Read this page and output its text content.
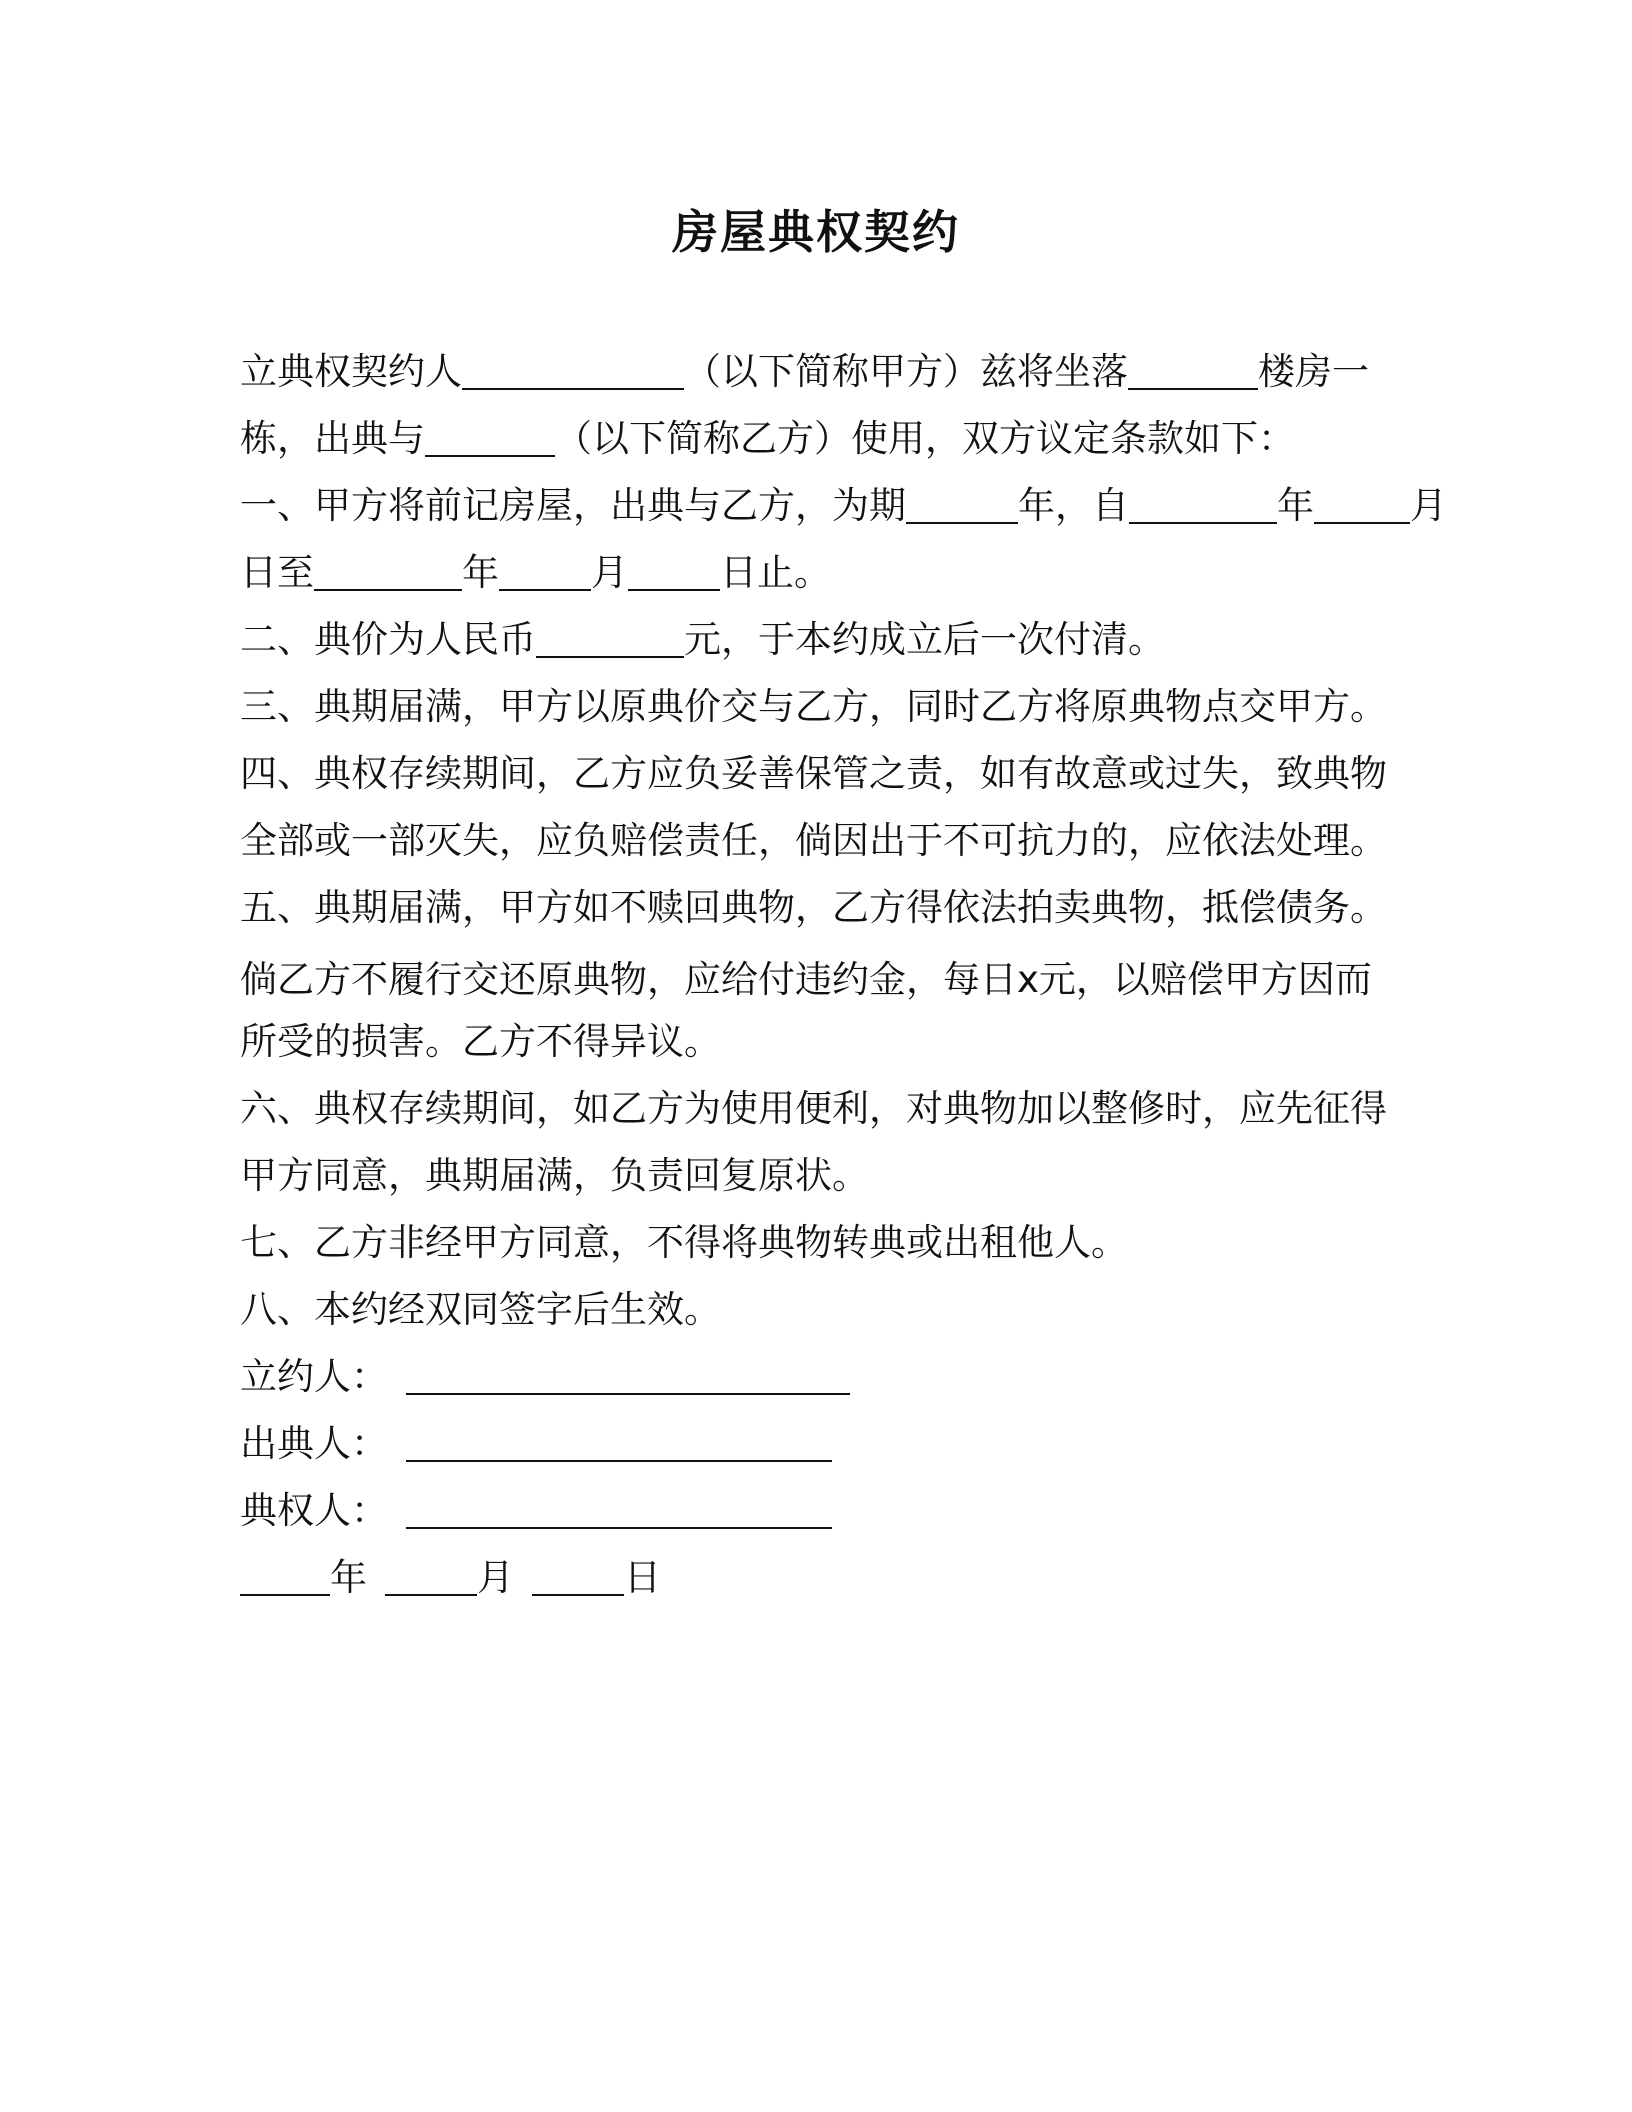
房屋典权契约
立典权契约人	（以下简称甲方）兹将坐落	楼房一
栋，出典与	（以下简称乙方）使用，双方议定条款如下：
一、甲方将前记房屋，出典与乙方，为期	年，自	年	月
日至	年 月 日止。
二、典价为人民币	元，于本约成立后一次付清。
三、典期届满，甲方以原典价交与乙方，同时乙方将原典物点交甲方。
四、典权存续期间，乙方应负妥善保管之责，如有故意或过失，致典物
全部或一部灭失，应负赔偿责任，倘因出于不可抗力的，应依法处理。
五、典期届满，甲方如不赎回典物，乙方得依法拍卖典物，抵偿债务。
倘乙方不履行交还原典物，应给付违约金，每日x元，以赔偿甲方因而
所受的损害。乙方不得异议。
六、典权存续期间，如乙方为使用便利，对典物加以整修时，应先征得
甲方同意，典期届满，负责回复原状。
七、乙方非经甲方同意，不得将典物转典或出租他人。
八、本约经双同签字后生效。
立约人：
出典人：
典权人：
年	月	日
